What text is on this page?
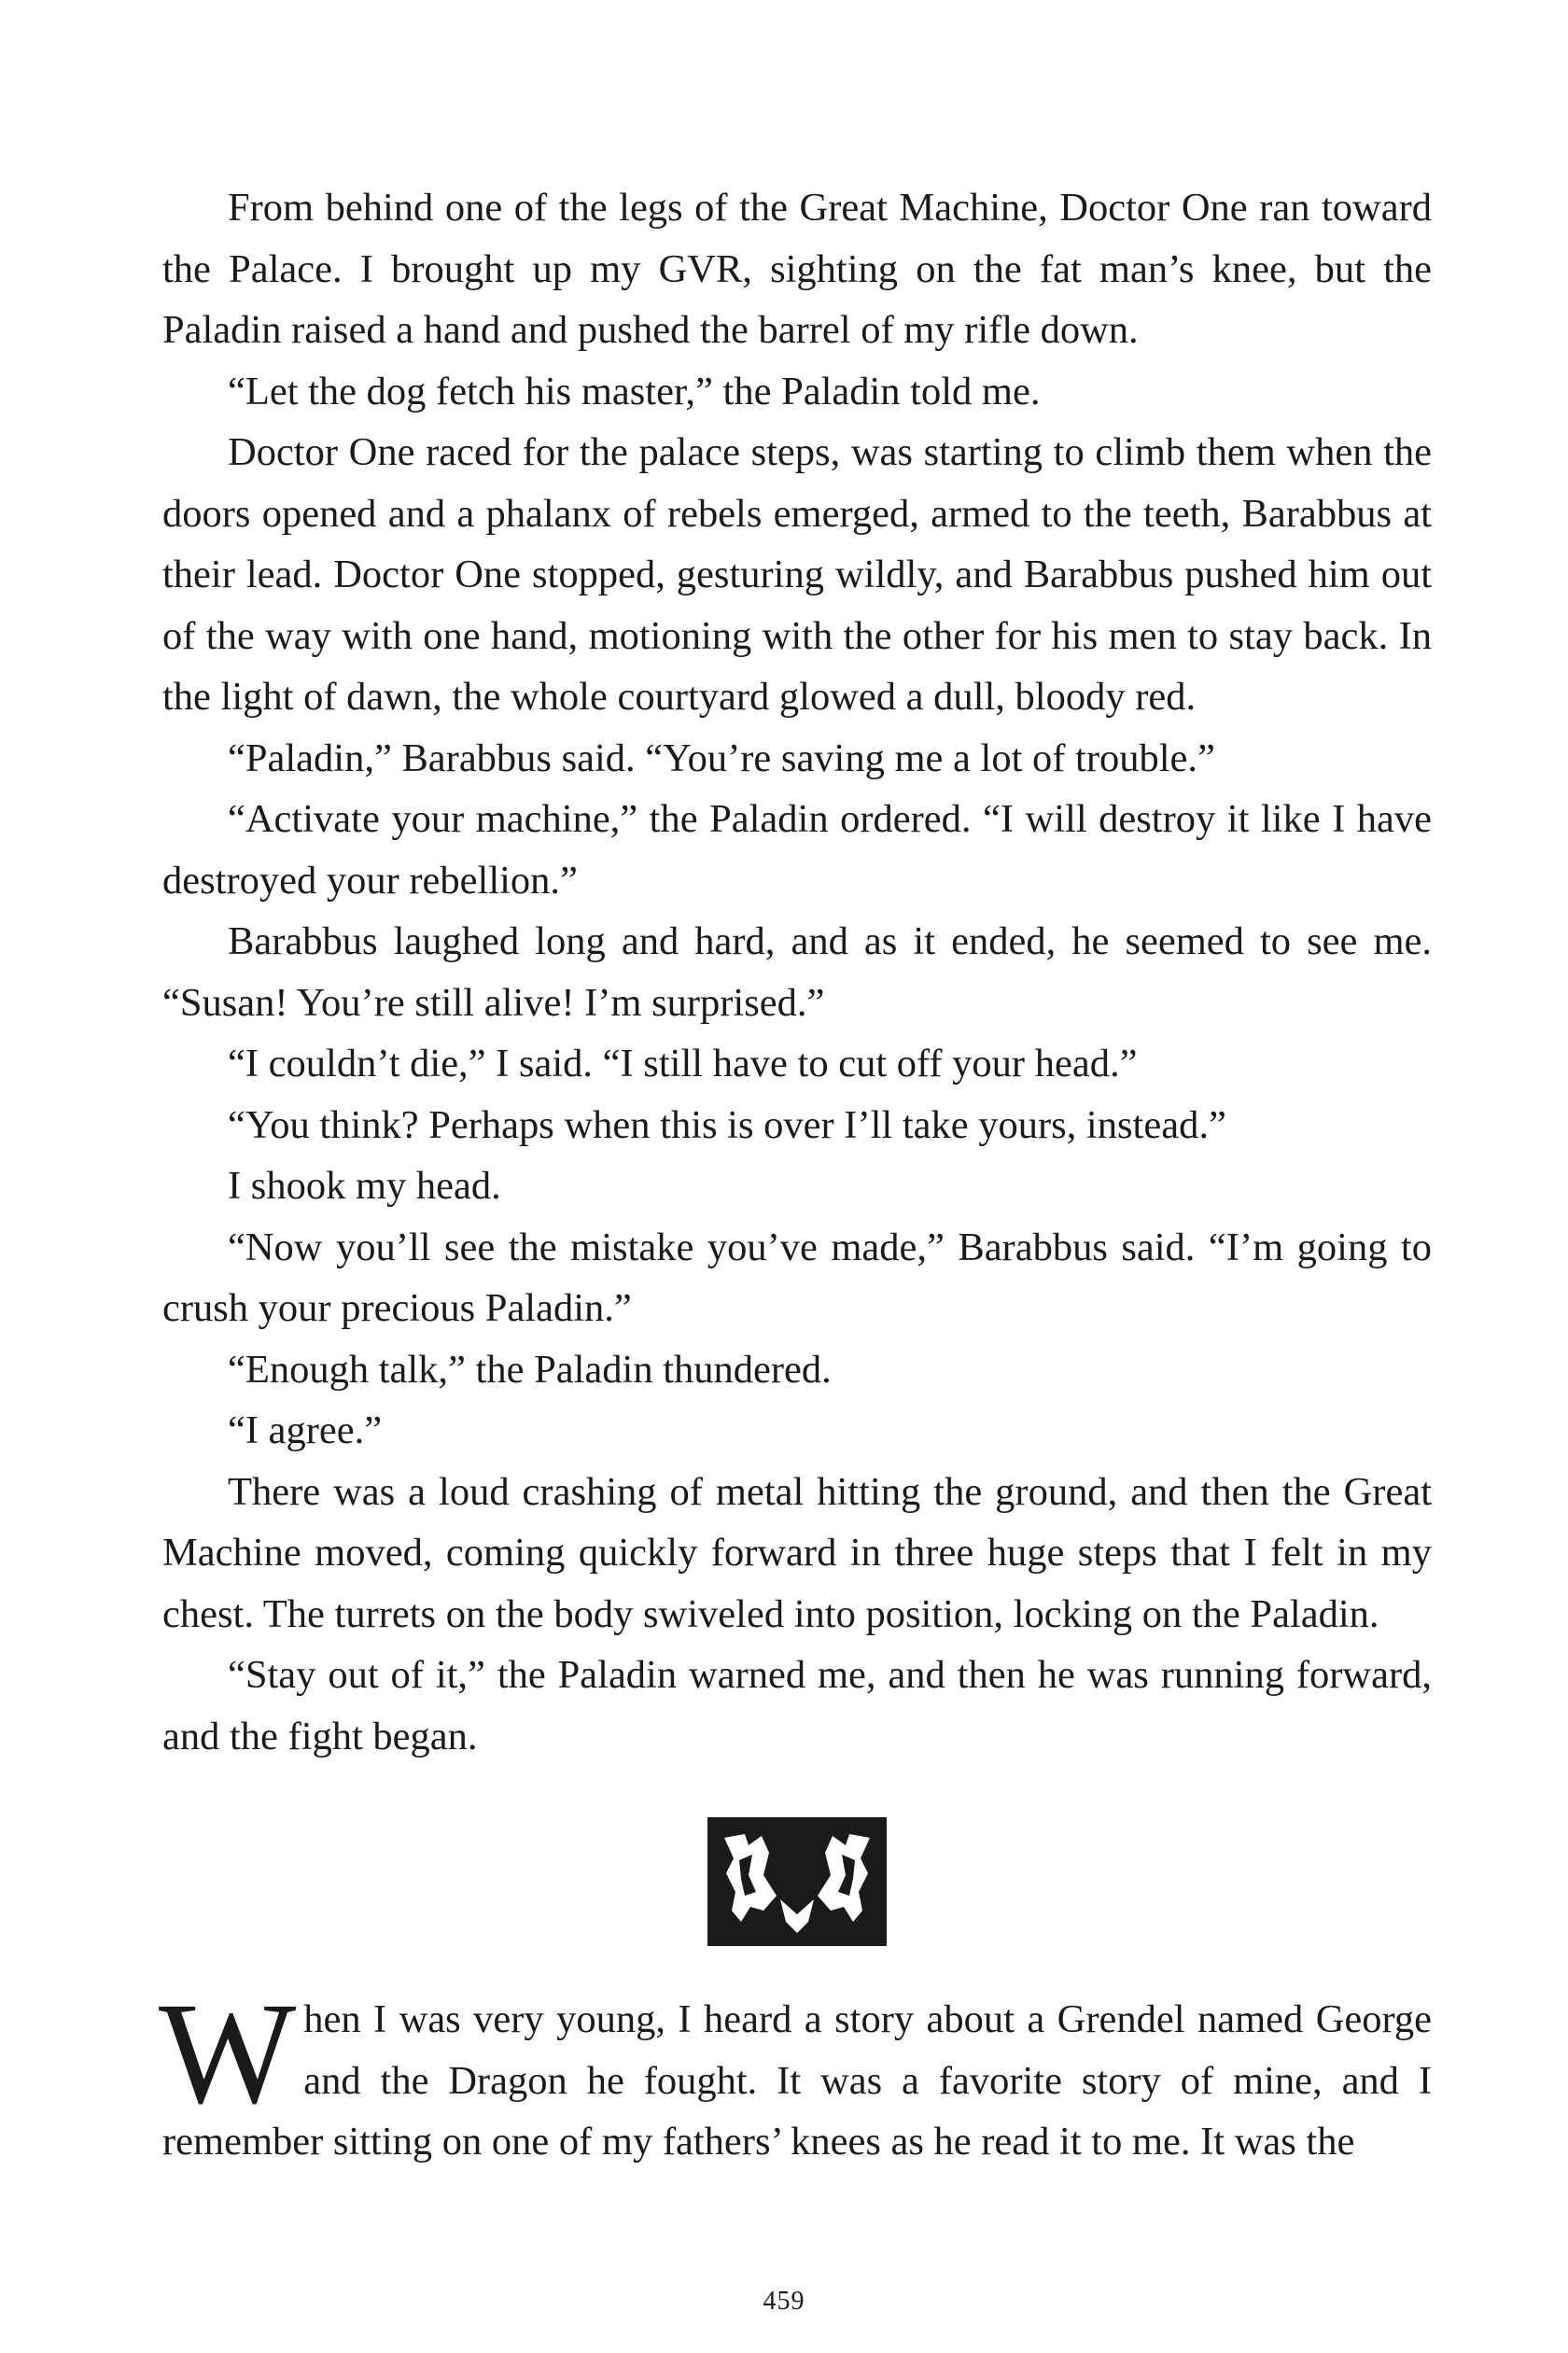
From behind one of the legs of the Great Machine, Doctor One ran toward the Palace. I brought up my GVR, sighting on the fat man’s knee, but the Paladin raised a hand and pushed the barrel of my rifle down.

“Let the dog fetch his master,” the Paladin told me.

Doctor One raced for the palace steps, was starting to climb them when the doors opened and a phalanx of rebels emerged, armed to the teeth, Barabbus at their lead. Doctor One stopped, gesturing wildly, and Barabbus pushed him out of the way with one hand, motioning with the other for his men to stay back. In the light of dawn, the whole courtyard glowed a dull, bloody red.

“Paladin,” Barabbus said. “You’re saving me a lot of trouble.”

“Activate your machine,” the Paladin ordered. “I will destroy it like I have destroyed your rebellion.”

Barabbus laughed long and hard, and as it ended, he seemed to see me. “Susan! You’re still alive! I’m surprised.”

“I couldn’t die,” I said. “I still have to cut off your head.”

“You think? Perhaps when this is over I’ll take yours, instead.”

I shook my head.

“Now you’ll see the mistake you’ve made,” Barabbus said. “I’m going to crush your precious Paladin.”

“Enough talk,” the Paladin thundered.

“I agree.”

There was a loud crashing of metal hitting the ground, and then the Great Machine moved, coming quickly forward in three huge steps that I felt in my chest. The turrets on the body swiveled into position, locking on the Paladin.

“Stay out of it,” the Paladin warned me, and then he was running forward, and the fight began.

When I was very young, I heard a story about a Grendel named George and the Dragon he fought. It was a favorite story of mine, and I remember sitting on one of my fathers’ knees as he read it to me. It was the

459
